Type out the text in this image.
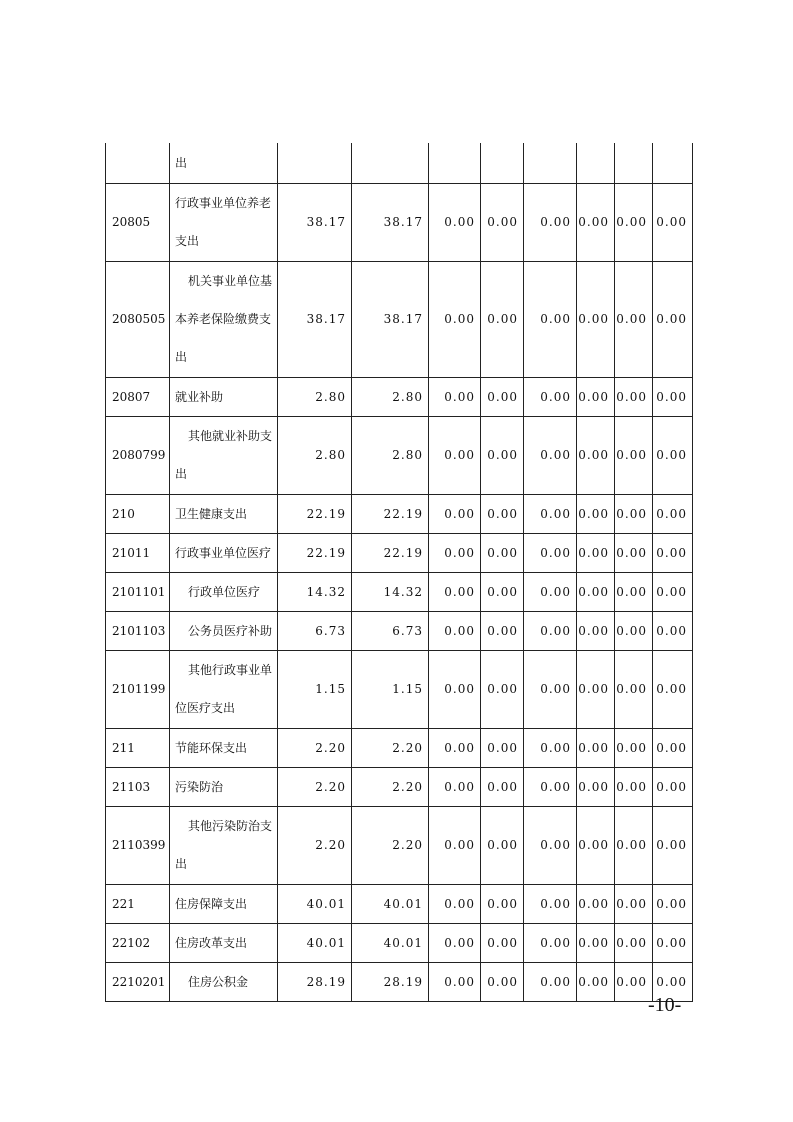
	出								
20805	行政事业单位养老支出	38.17	38.17	0.00	0.00	0.00	0.00	0.00	0.00
2080505	机关事业单位基本养老保险缴费支出	38.17	38.17	0.00	0.00	0.00	0.00	0.00	0.00
20807	就业补助	2.80	2.80	0.00	0.00	0.00	0.00	0.00	0.00
2080799	其他就业补助支出	2.80	2.80	0.00	0.00	0.00	0.00	0.00	0.00
210	卫生健康支出	22.19	22.19	0.00	0.00	0.00	0.00	0.00	0.00
21011	行政事业单位医疗	22.19	22.19	0.00	0.00	0.00	0.00	0.00	0.00
2101101	行政单位医疗	14.32	14.32	0.00	0.00	0.00	0.00	0.00	0.00
2101103	公务员医疗补助	6.73	6.73	0.00	0.00	0.00	0.00	0.00	0.00
2101199	其他行政事业单位医疗支出	1.15	1.15	0.00	0.00	0.00	0.00	0.00	0.00
211	节能环保支出	2.20	2.20	0.00	0.00	0.00	0.00	0.00	0.00
21103	污染防治	2.20	2.20	0.00	0.00	0.00	0.00	0.00	0.00
2110399	其他污染防治支出	2.20	2.20	0.00	0.00	0.00	0.00	0.00	0.00
221	住房保障支出	40.01	40.01	0.00	0.00	0.00	0.00	0.00	0.00
22102	住房改革支出	40.01	40.01	0.00	0.00	0.00	0.00	0.00	0.00
2210201	住房公积金	28.19	28.19	0.00	0.00	0.00	0.00	0.00	0.00
-10-
